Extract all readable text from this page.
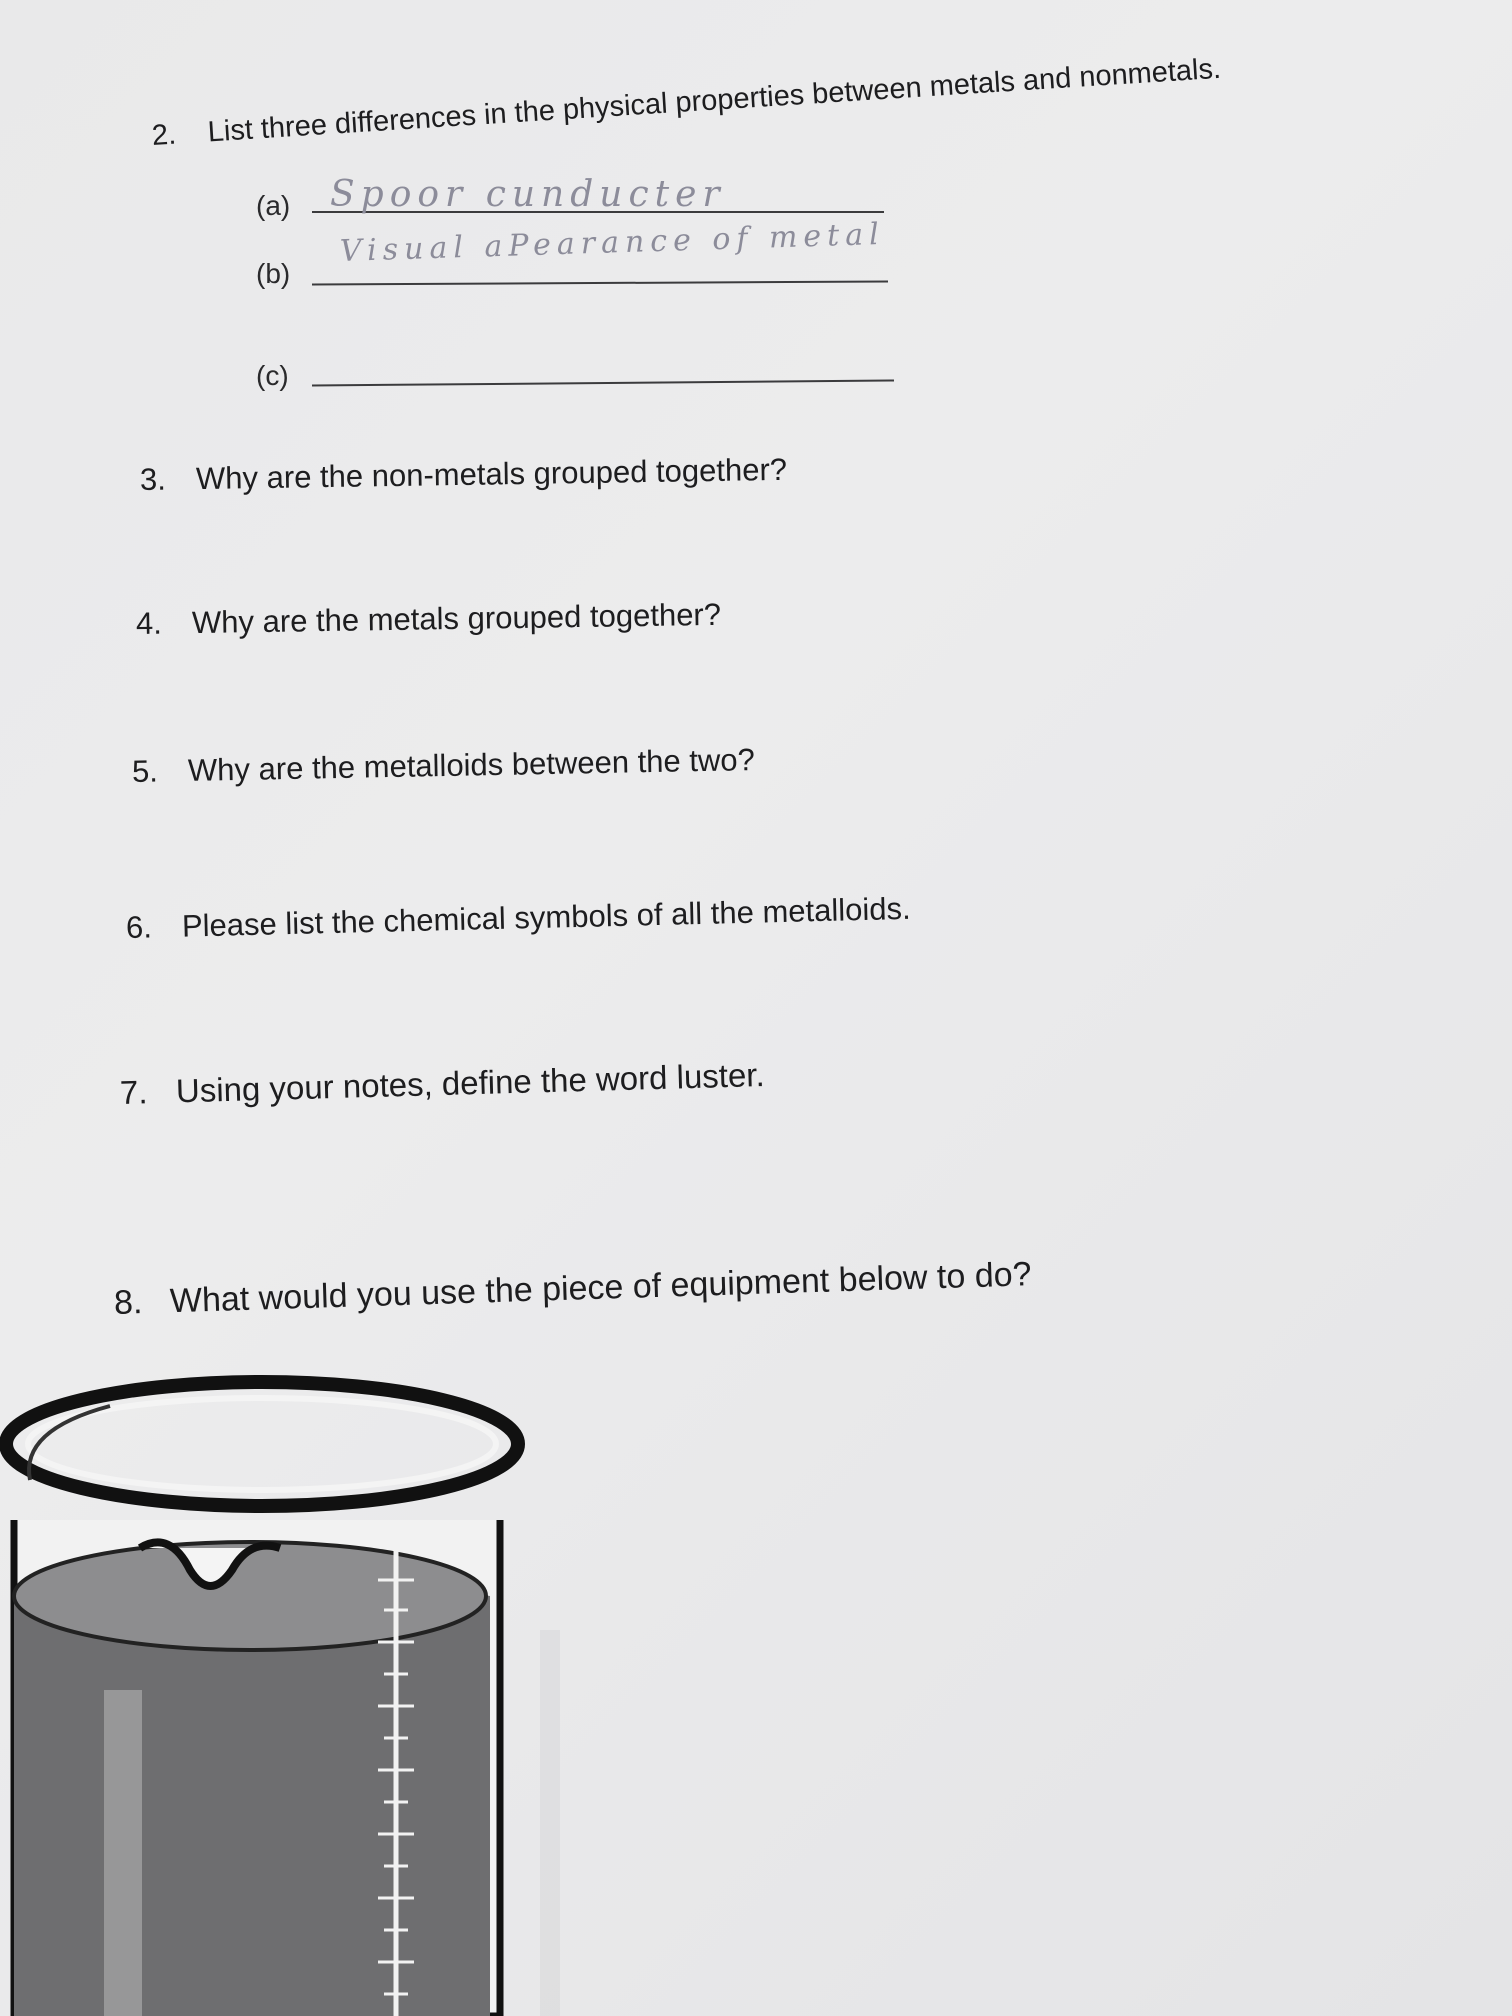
2. List three differences in the physical properties between metals and nonmetals.
(a) Spoor cunducter
(b)
Visual aPearance of metal
(c)
3. Why are the non-metals grouped together?
4. Why are the metals grouped together?
5. Why are the metalloids between the two?
6. Please list the chemical symbols of all the metalloids.
7. Using your notes, define the word luster.
8. What would you use the piece of equipment below to do?
